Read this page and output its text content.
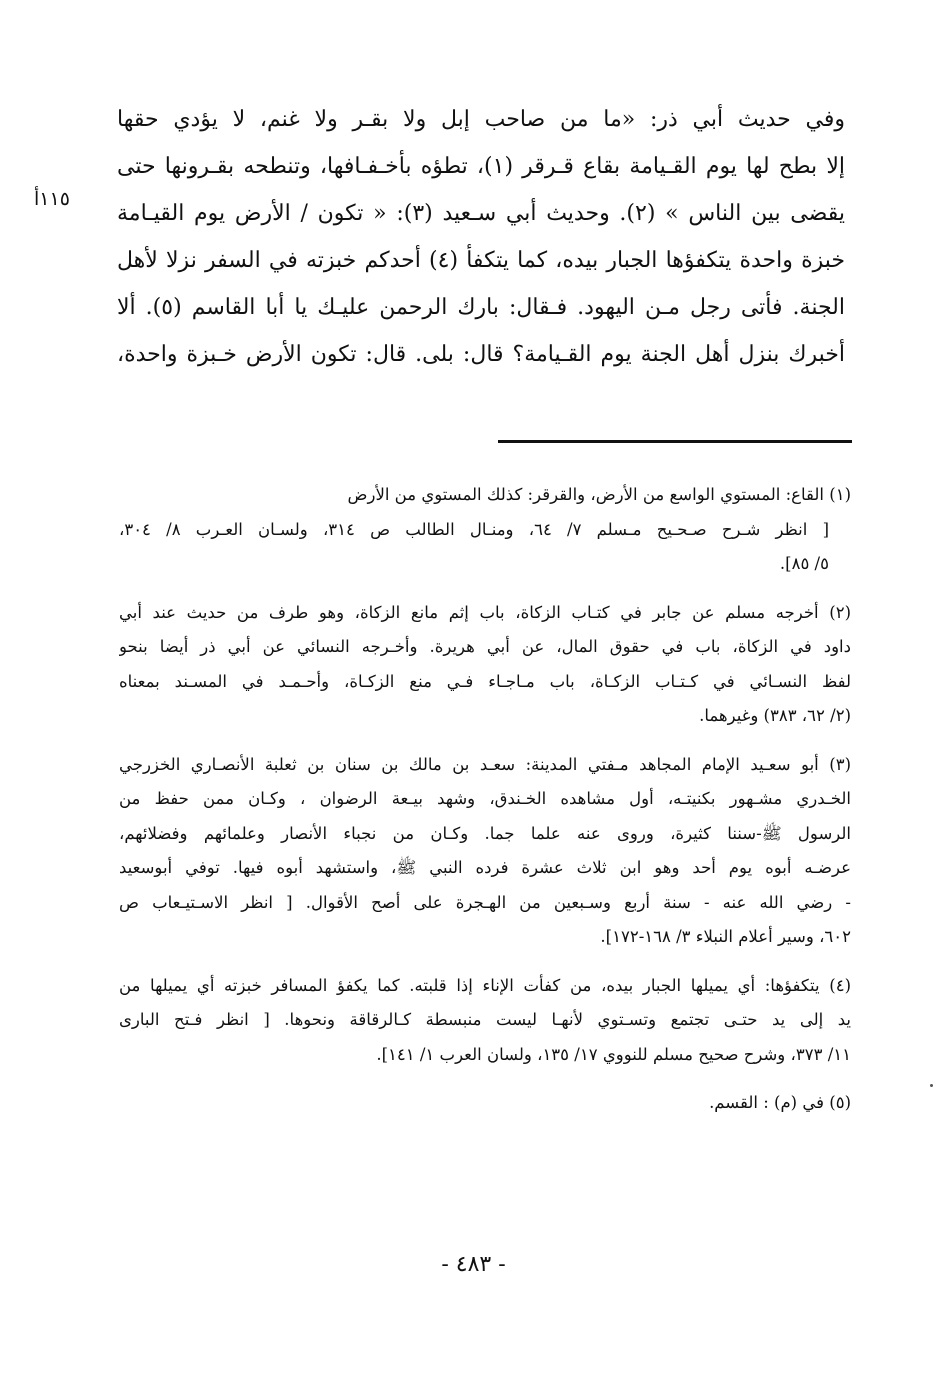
وفي حديث أبي ذر: «ما من صاحب إبل ولا بقـر ولا غنم، لا يؤدي حقها
إلا بطح لها يوم القـيامة بقاع قـرقر (١)، تطؤه بأخـفـافها، وتنطحه بقـرونها حتى
يقضى بين الناس » (٢). وحديث أبي سـعيد (٣): « تكون / الأرض يوم القيـامة
خبزة واحدة يتكفؤها الجبار بيده، كما يتكفأ (٤) أحدكم خبزته في السفر نزلا لأهل
الجنة. فأتى رجل مـن اليهود. فـقال: بارك الرحمن عليـك يا أبا القاسم (٥). ألا
أخبرك بنزل أهل الجنة يوم القـيامة؟ قال: بلى. قال: تكون الأرض خـبزة واحدة،
١١٥أ
(١) القاع: المستوي الواسع من الأرض، والقرقر: كذلك المستوي من الأرض
[ انظر شـرح صـحـيح مـسلم ٧/ ٦٤، ومنـال الطالب ص ٣١٤، ولسـان العـرب ٨/ ٣٠٤،
٥/ ٨٥].
(٢) أخرجه مسلم عن جابر في كتـاب الزكاة، باب إثم مانع الزكاة، وهو طرف من حديث عند أبي
داود في الزكاة، باب في حقوق المال، عن أبي هريرة. وأخـرجه النسائي عن أبي ذر أيضا بنحو
لفظ النسـائي في كـتـاب الزكـاة، باب مـاجـاء فـي منع الزكـاة، وأحـمـد في المسـند بمعناه
(٢/ ٦٢، ٣٨٣) وغيرهما.
(٣) أبو سعـيد الإمام المجاهد مـفتي المدينة: سعـد بن مالك بن سنان بن ثعلبة الأنصـاري الخزرجي
الخـدري مشـهور بكنيتـه، أول مشاهده الخـندق، وشهد بيـعة الرضوان ، وكـان ممن حفظ من
الرسول ﷺ-سننا كثيرة، وروى عنه علما جما. وكـان من نجباء الأنصار وعلمائهم وفضلائهم،
عرضـه أبوه يوم أحد وهو ابن ثلاث عشرة فرده النبي ﷺ، واستشهد أبوه فيها. توفي أبوسعيد
- رضي الله عنه - سنة أربع وسـبعين من الهـجرة على أصح الأقوال. [ انظر الاسـتيـعاب ص
٦٠٢، وسير أعلام النبلاء ٣/ ١٦٨-١٧٢].
(٤) يتكفؤها: أي يميلها الجبار بيده، من كفأت الإناء إذا قلبته. كما يكفؤ المسافر خبزته أي يميلها من
يد إلى يد حتـى تجتمع وتسـتوي لأنهـا ليست منبسطة كـالرقاقة ونحوها. [ انظر فـتح البارى
١١/ ٣٧٣، وشرح صحيح مسلم للنووي ١٧/ ١٣٥، ولسان العرب ١/ ١٤١].
(٥) في (م) : القسم.
- ٤٨٣ -
